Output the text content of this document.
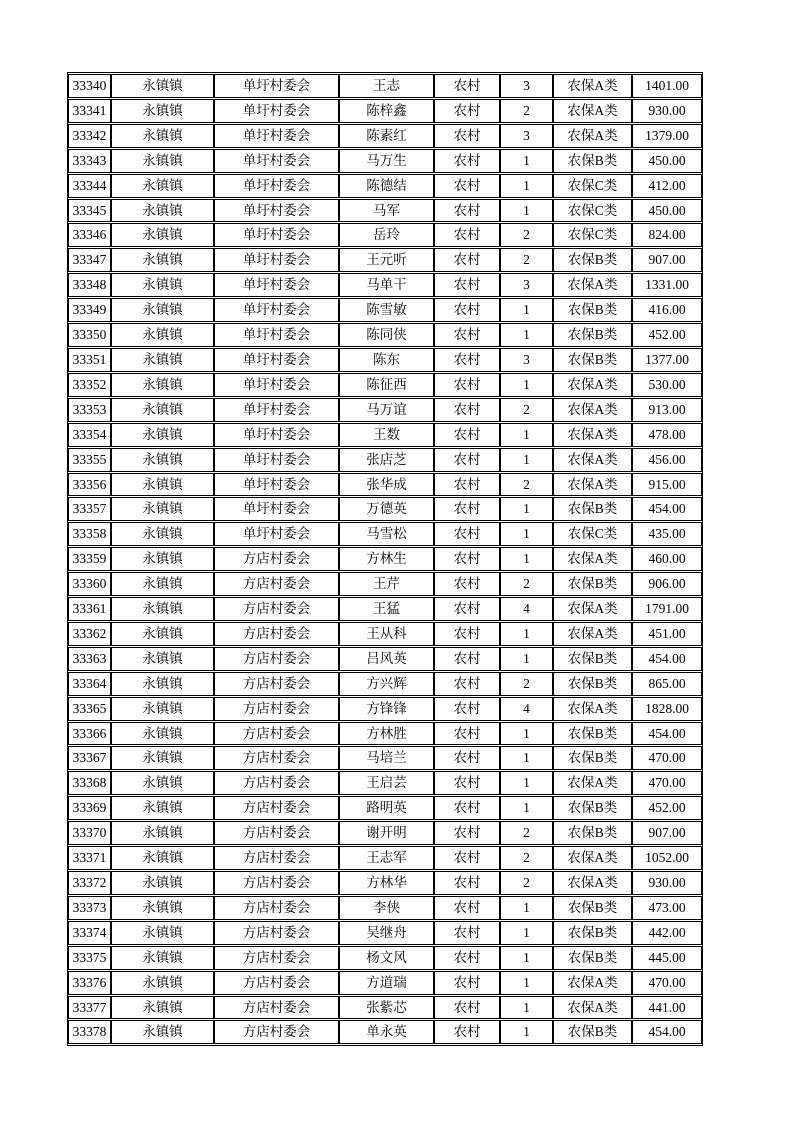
33340	永镇镇	单圩村委会	王志	农村	3	农保A类	1401.00
33341	永镇镇	单圩村委会	陈梓鑫	农村	2	农保A类	930.00
33342	永镇镇	单圩村委会	陈素红	农村	3	农保A类	1379.00
33343	永镇镇	单圩村委会	马万生	农村	1	农保B类	450.00
33344	永镇镇	单圩村委会	陈德结	农村	1	农保C类	412.00
33345	永镇镇	单圩村委会	马军	农村	1	农保C类	450.00
33346	永镇镇	单圩村委会	岳玲	农村	2	农保C类	824.00
33347	永镇镇	单圩村委会	王元听	农村	2	农保B类	907.00
33348	永镇镇	单圩村委会	马单干	农村	3	农保A类	1331.00
33349	永镇镇	单圩村委会	陈雪敏	农村	1	农保B类	416.00
33350	永镇镇	单圩村委会	陈同侠	农村	1	农保B类	452.00
33351	永镇镇	单圩村委会	陈东	农村	3	农保B类	1377.00
33352	永镇镇	单圩村委会	陈征西	农村	1	农保A类	530.00
33353	永镇镇	单圩村委会	马万谊	农村	2	农保A类	913.00
33354	永镇镇	单圩村委会	王数	农村	1	农保A类	478.00
33355	永镇镇	单圩村委会	张店芝	农村	1	农保A类	456.00
33356	永镇镇	单圩村委会	张华成	农村	2	农保A类	915.00
33357	永镇镇	单圩村委会	万德英	农村	1	农保B类	454.00
33358	永镇镇	单圩村委会	马雪松	农村	1	农保C类	435.00
33359	永镇镇	方店村委会	方林生	农村	1	农保A类	460.00
33360	永镇镇	方店村委会	王芹	农村	2	农保B类	906.00
33361	永镇镇	方店村委会	王猛	农村	4	农保A类	1791.00
33362	永镇镇	方店村委会	王从科	农村	1	农保A类	451.00
33363	永镇镇	方店村委会	吕风英	农村	1	农保B类	454.00
33364	永镇镇	方店村委会	方兴辉	农村	2	农保B类	865.00
33365	永镇镇	方店村委会	方锋锋	农村	4	农保A类	1828.00
33366	永镇镇	方店村委会	方林胜	农村	1	农保B类	454.00
33367	永镇镇	方店村委会	马培兰	农村	1	农保B类	470.00
33368	永镇镇	方店村委会	王启芸	农村	1	农保A类	470.00
33369	永镇镇	方店村委会	路明英	农村	1	农保B类	452.00
33370	永镇镇	方店村委会	谢开明	农村	2	农保B类	907.00
33371	永镇镇	方店村委会	王志军	农村	2	农保A类	1052.00
33372	永镇镇	方店村委会	方林华	农村	2	农保A类	930.00
33373	永镇镇	方店村委会	李侠	农村	1	农保B类	473.00
33374	永镇镇	方店村委会	吴继舟	农村	1	农保B类	442.00
33375	永镇镇	方店村委会	杨文风	农村	1	农保B类	445.00
33376	永镇镇	方店村委会	方道瑞	农村	1	农保A类	470.00
33377	永镇镇	方店村委会	张紫芯	农村	1	农保A类	441.00
33378	永镇镇	方店村委会	单永英	农村	1	农保B类	454.00
